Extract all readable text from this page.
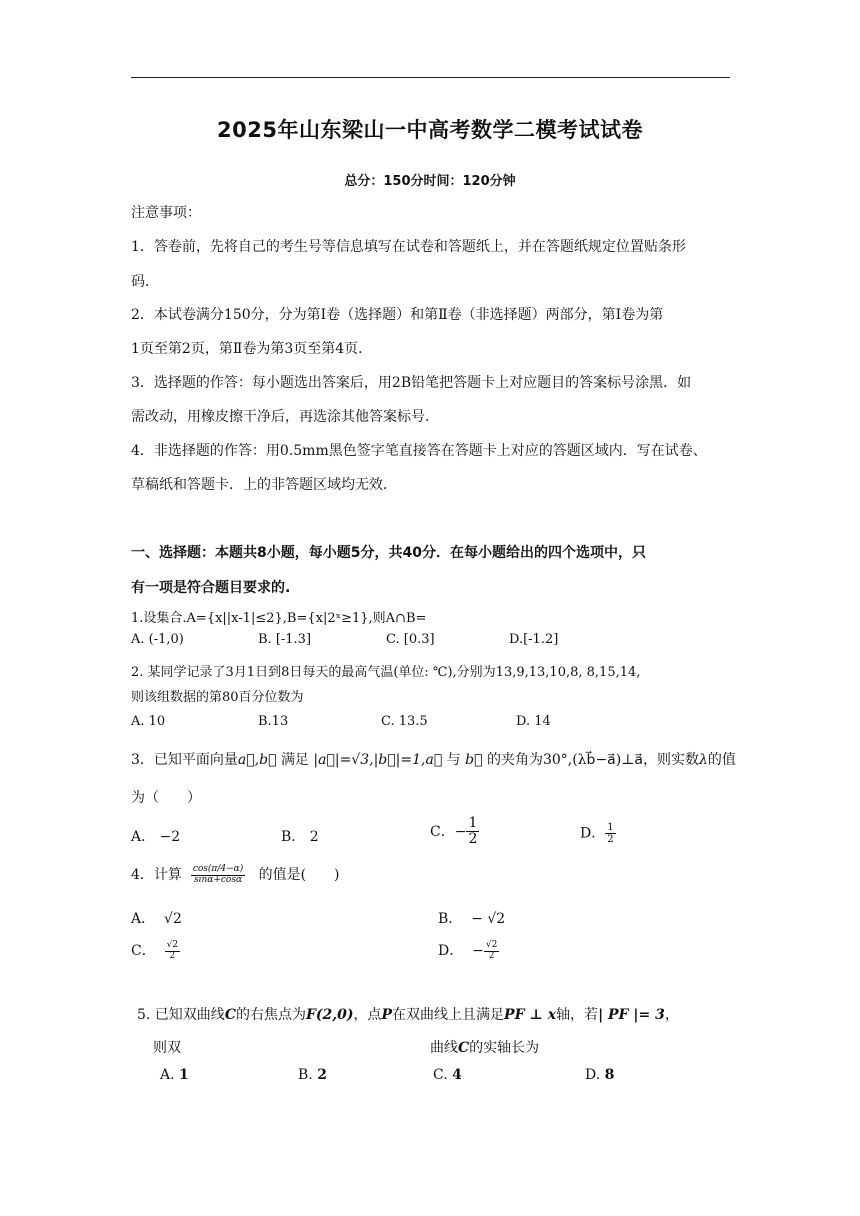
2025年山东梁山一中高考数学二模考试试卷
总分：150分时间：120分钟
注意事项：
1．答卷前，先将自己的考生号等信息填写在试卷和答题纸上，并在答题纸规定位置贴条形
码．
2．本试卷满分150分，分为第Ⅰ卷（选择题）和第Ⅱ卷（非选择题）两部分，第Ⅰ卷为第
1页至第2页，第Ⅱ卷为第3页至第4页．
3．选择题的作答：每小题选出答案后，用2B铅笔把答题卡上对应题目的答案标号涂黑．如
需改动，用橡皮擦干净后，再选涂其他答案标号．
4．非选择题的作答：用0.5mm黑色签字笔直接答在答题卡上对应的答题区域内．写在试卷、
草稿纸和答题卡．上的非答题区域均无效．
一、选择题：本题共8小题，每小题5分，共40分．在每小题给出的四个选项中，只
有一项是符合题目要求的.
1.设集合.A={x||x-1|≤2},B={x|2ˣ≥1},则A∩B=
A. (-1,0)	B. [-1.3]	C. [0.3]	D.[-1.2]
2. 某同学记录了3月1日到8日每天的最高气温(单位: ℃),分别为13,9,13,10,8, 8,15,14,
则该组数据的第80百分位数为
A. 10	B.13	C. 13.5	D. 14
3．已知平面向量a⃗,b⃗ 满足 |a⃗|=√3,|b⃗|=1,a⃗ 与 b⃗ 的夹角为30°,(λb⃗−a⃗)⊥a⃗，则实数λ的值
为（　　）
A． −2	B． 2	C．− $\frac{1}{2}$	D． $\frac{1}{2}$
4．计算 $\frac{\cos(\pi/4-\alpha)}{\sin\alpha+\cos\alpha}$ 的值是(　　)
A． √2	B． − √2
C． $\frac{√2}{2}$	D． − $\frac{√2}{2}$
5. 已知双曲线C的右焦点为F(2,0)，点P在双曲线上且满足PF ⊥ x轴，若| PF |= 3，
则双	曲线C的实轴长为
A. 1	B. 2	C. 4	D. 8
